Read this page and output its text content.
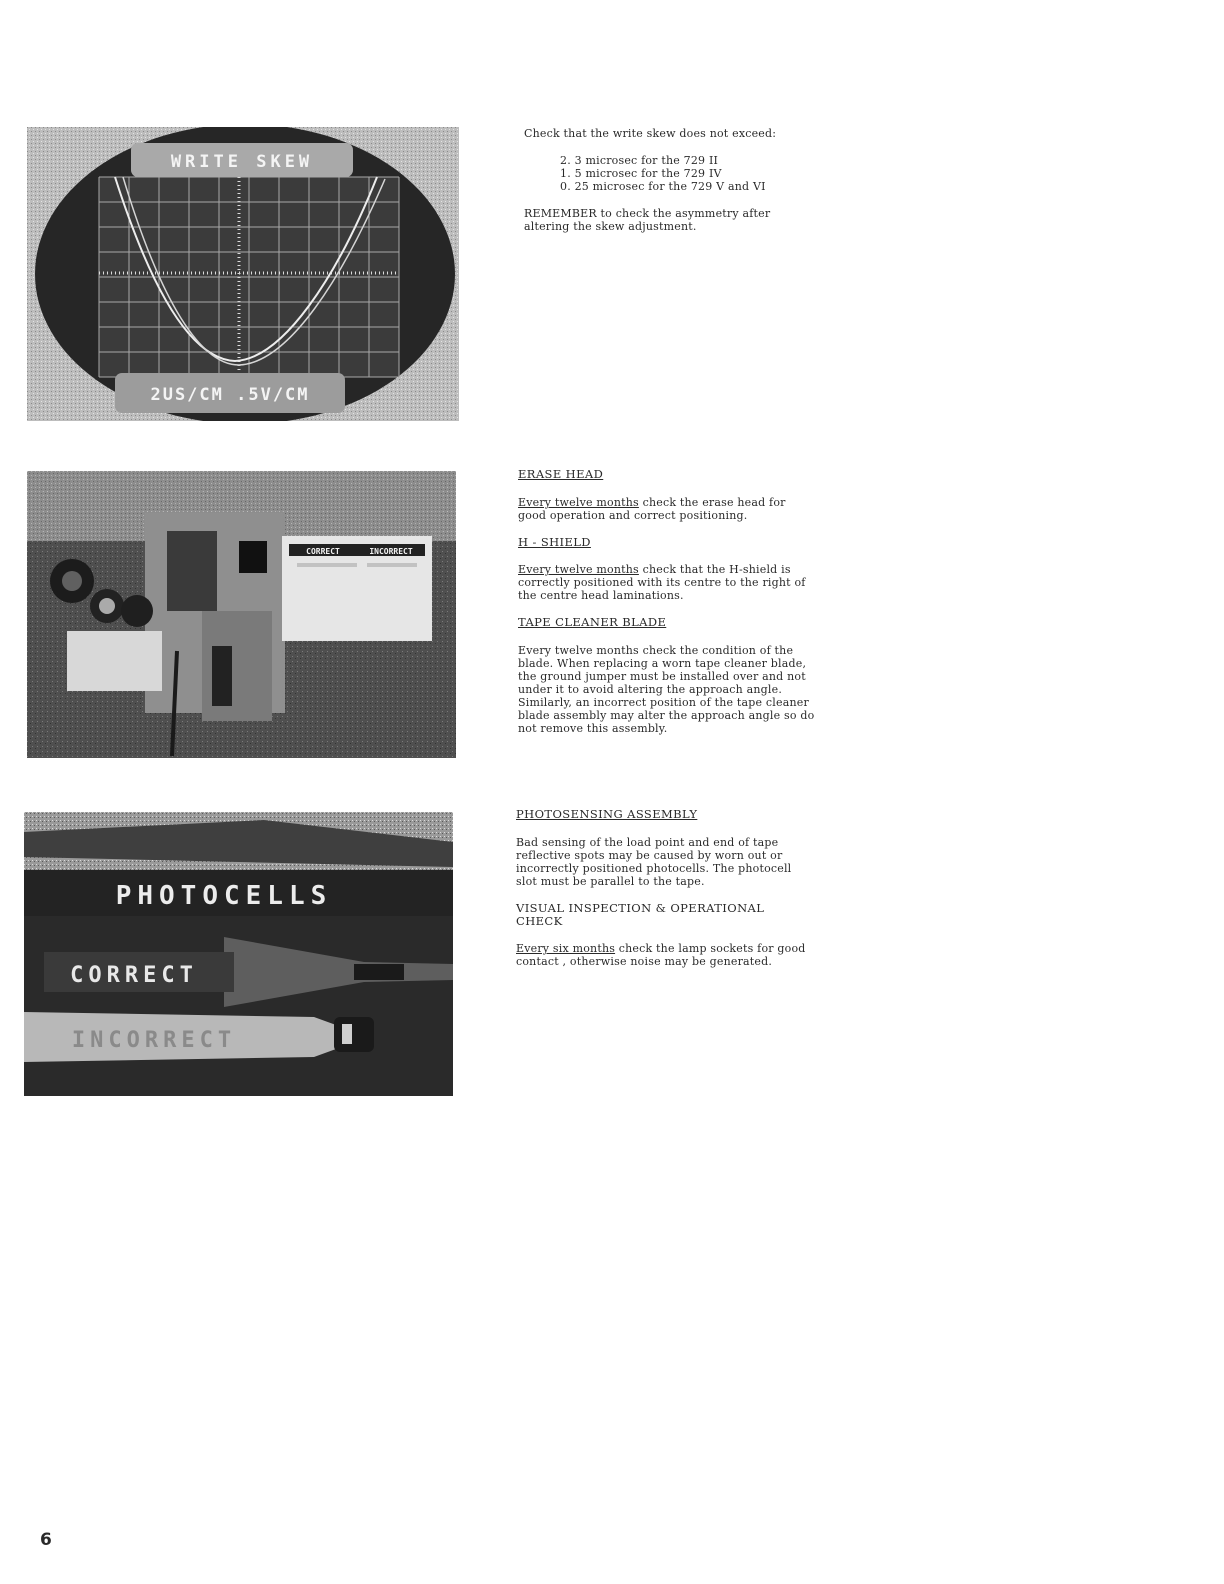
WRITE SKEW
2US/CM .5V/CM
CORRECT	INCORRECT
PHOTOCELLS
CORRECT
INCORRECT

Check that the write skew does not exceed:

2. 3 microsec for the 729 II

1. 5 microsec for the 729 IV

0. 25 microsec for the 729 V and VI

REMEMBER to check the asymmetry after altering the skew adjustment.

ERASE HEAD

Every twelve months check the erase head for good operation and correct positioning.

H - SHIELD

Every twelve months check that the H-shield is correctly positioned with its centre to the right of the centre head laminations.

TAPE CLEANER BLADE

Every twelve months check the condition of the blade. When replacing a worn tape cleaner blade, the ground jumper must be installed over and not under it to avoid altering the approach angle. Similarly, an incorrect position of the tape cleaner blade assembly may alter the approach angle so do not remove this assembly.

PHOTOSENSING ASSEMBLY

Bad sensing of the load point and end of tape reflective spots may be caused by worn out or incorrectly positioned photocells. The photocell slot must be parallel to the tape.

VISUAL INSPECTION & OPERATIONAL CHECK

Every six months check the lamp sockets for good contact , otherwise noise may be generated.

6
